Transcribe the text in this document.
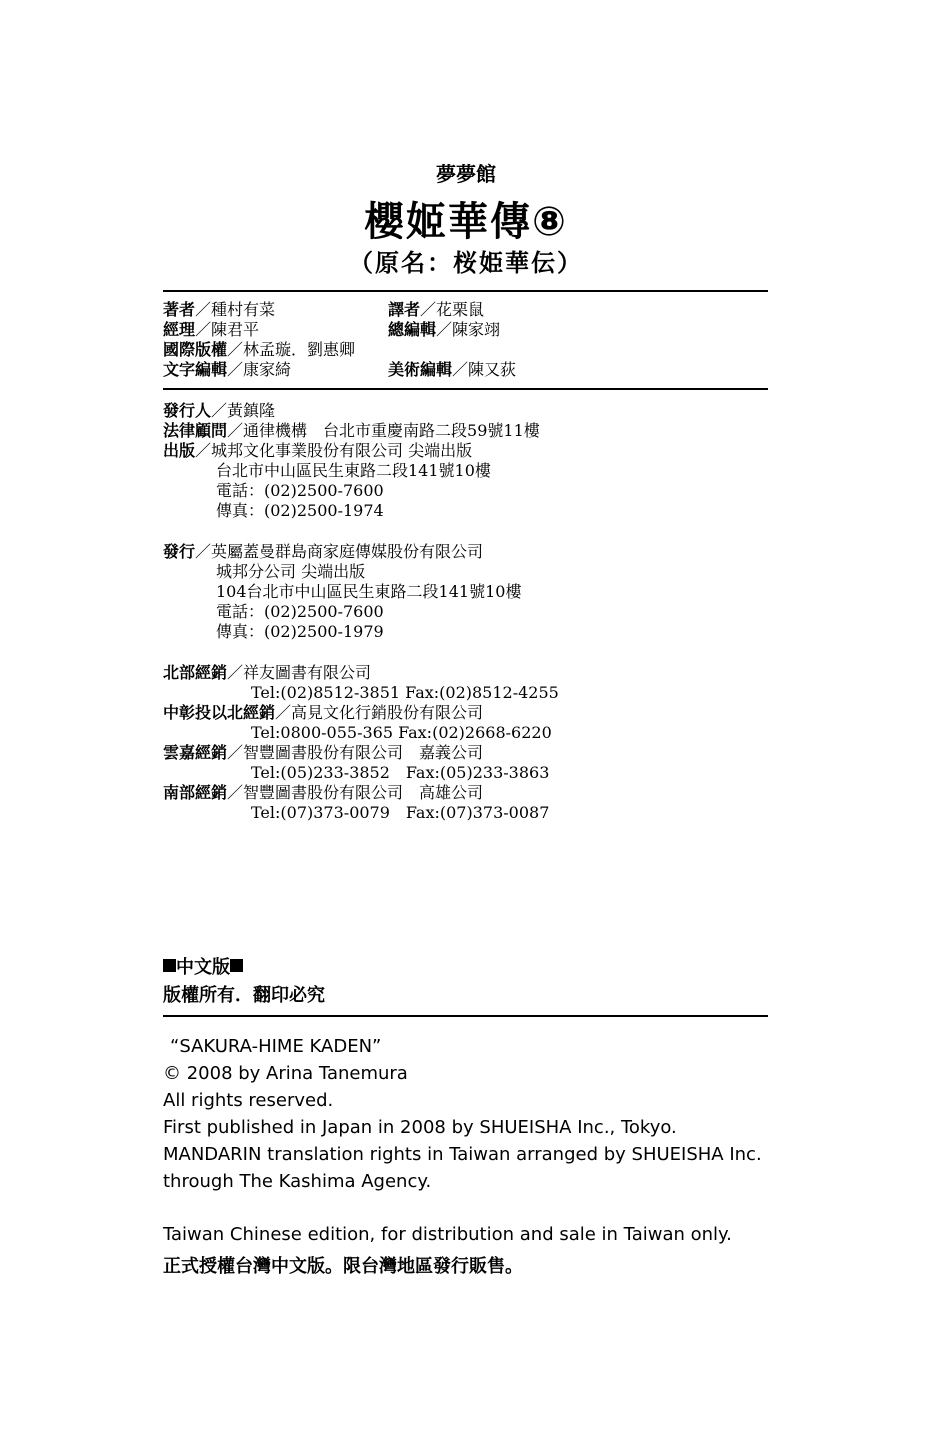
夢夢館
櫻姬華傳⑧
（原名：桜姫華伝）
著者／種村有菜	譯者／花栗鼠
經理／陳君平	總編輯／陳家翊
國際版權／林孟璇．劉惠卿
文字編輯／康家綺	美術編輯／陳又荻
發行人／黃鎮隆
法律顧問／通律機構　台北市重慶南路二段59號11樓
出版／城邦文化事業股份有限公司 尖端出版
台北市中山區民生東路二段141號10樓
電話：(02)2500-7600
傳真：(02)2500-1974
發行／英屬蓋曼群島商家庭傳媒股份有限公司
城邦分公司 尖端出版
104台北市中山區民生東路二段141號10樓
電話：(02)2500-7600
傳真：(02)2500-1979
北部經銷／祥友圖書有限公司
Tel:(02)8512-3851 Fax:(02)8512-4255
中彰投以北經銷／高見文化行銷股份有限公司
Tel:0800-055-365 Fax:(02)2668-6220
雲嘉經銷／智豐圖書股份有限公司　嘉義公司
Tel:(05)233-3852　Fax:(05)233-3863
南部經銷／智豐圖書股份有限公司　高雄公司
Tel:(07)373-0079　Fax:(07)373-0087
中文版
版權所有．翻印必究
“SAKURA-HIME KADEN”
© 2008 by Arina Tanemura
All rights reserved.
First published in Japan in 2008 by SHUEISHA Inc., Tokyo.
MANDARIN translation rights in Taiwan arranged by SHUEISHA Inc.
through The Kashima Agency.
Taiwan Chinese edition, for distribution and sale in Taiwan only.
正式授權台灣中文版。限台灣地區發行販售。
